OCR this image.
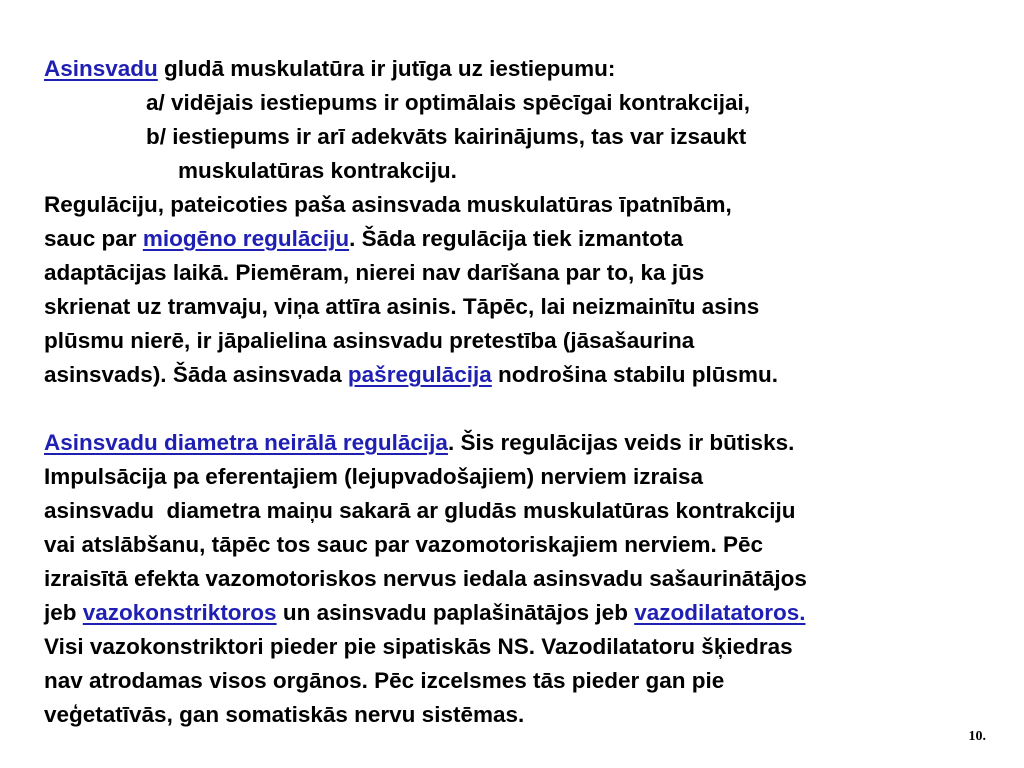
Asinsvadu gludā muskulatūra ir jutīga uz iestiepumu:
a/ vidējais iestiepums ir optimālais spēcīgai kontrakcijai,
b/ iestiepums ir arī adekvāts kairinājums, tas var izsaukt
muskulatūras kontrakciju.
Regulāciju, pateicoties paša asinsvada muskulatūras īpatnībām,
sauc par miogēno regulāciju. Šāda regulācija tiek izmantota
adaptācijas laikā. Piemēram, nierei nav darīšana par to, ka jūs
skrienat uz tramvaju, viņa attīra asinis. Tāpēc, lai neizmainītu asins
plūsmu nierē, ir jāpalielina asinsvadu pretestība (jāsašaurina
asinsvads). Šāda asinsvada pašregulācija nodrošina stabilu plūsmu.
Asinsvadu diametra neirālā regulācija. Šis regulācijas veids ir būtisks.
Impulsācija pa eferentajiem (lejupvadošajiem) nerviem izraisa
asinsvadu  diametra maiņu sakarā ar gludās muskulatūras kontrakciju
vai atslābšanu, tāpēc tos sauc par vazomotoriskajiem nerviem. Pēc
izraisītā efekta vazomotoriskos nervus iedala asinsvadu sašaurinātājos
jeb vazokonstriktoros un asinsvadu paplašinātājos jeb vazodilatatoros.
Visi vazokonstriktori pieder pie sipatiskās NS. Vazodilatatoru šķiedras
nav atrodamas visos orgānos. Pēc izcelsmes tās pieder gan pie
veģetatīvās, gan somatiskās nervu sistēmas.
10.
